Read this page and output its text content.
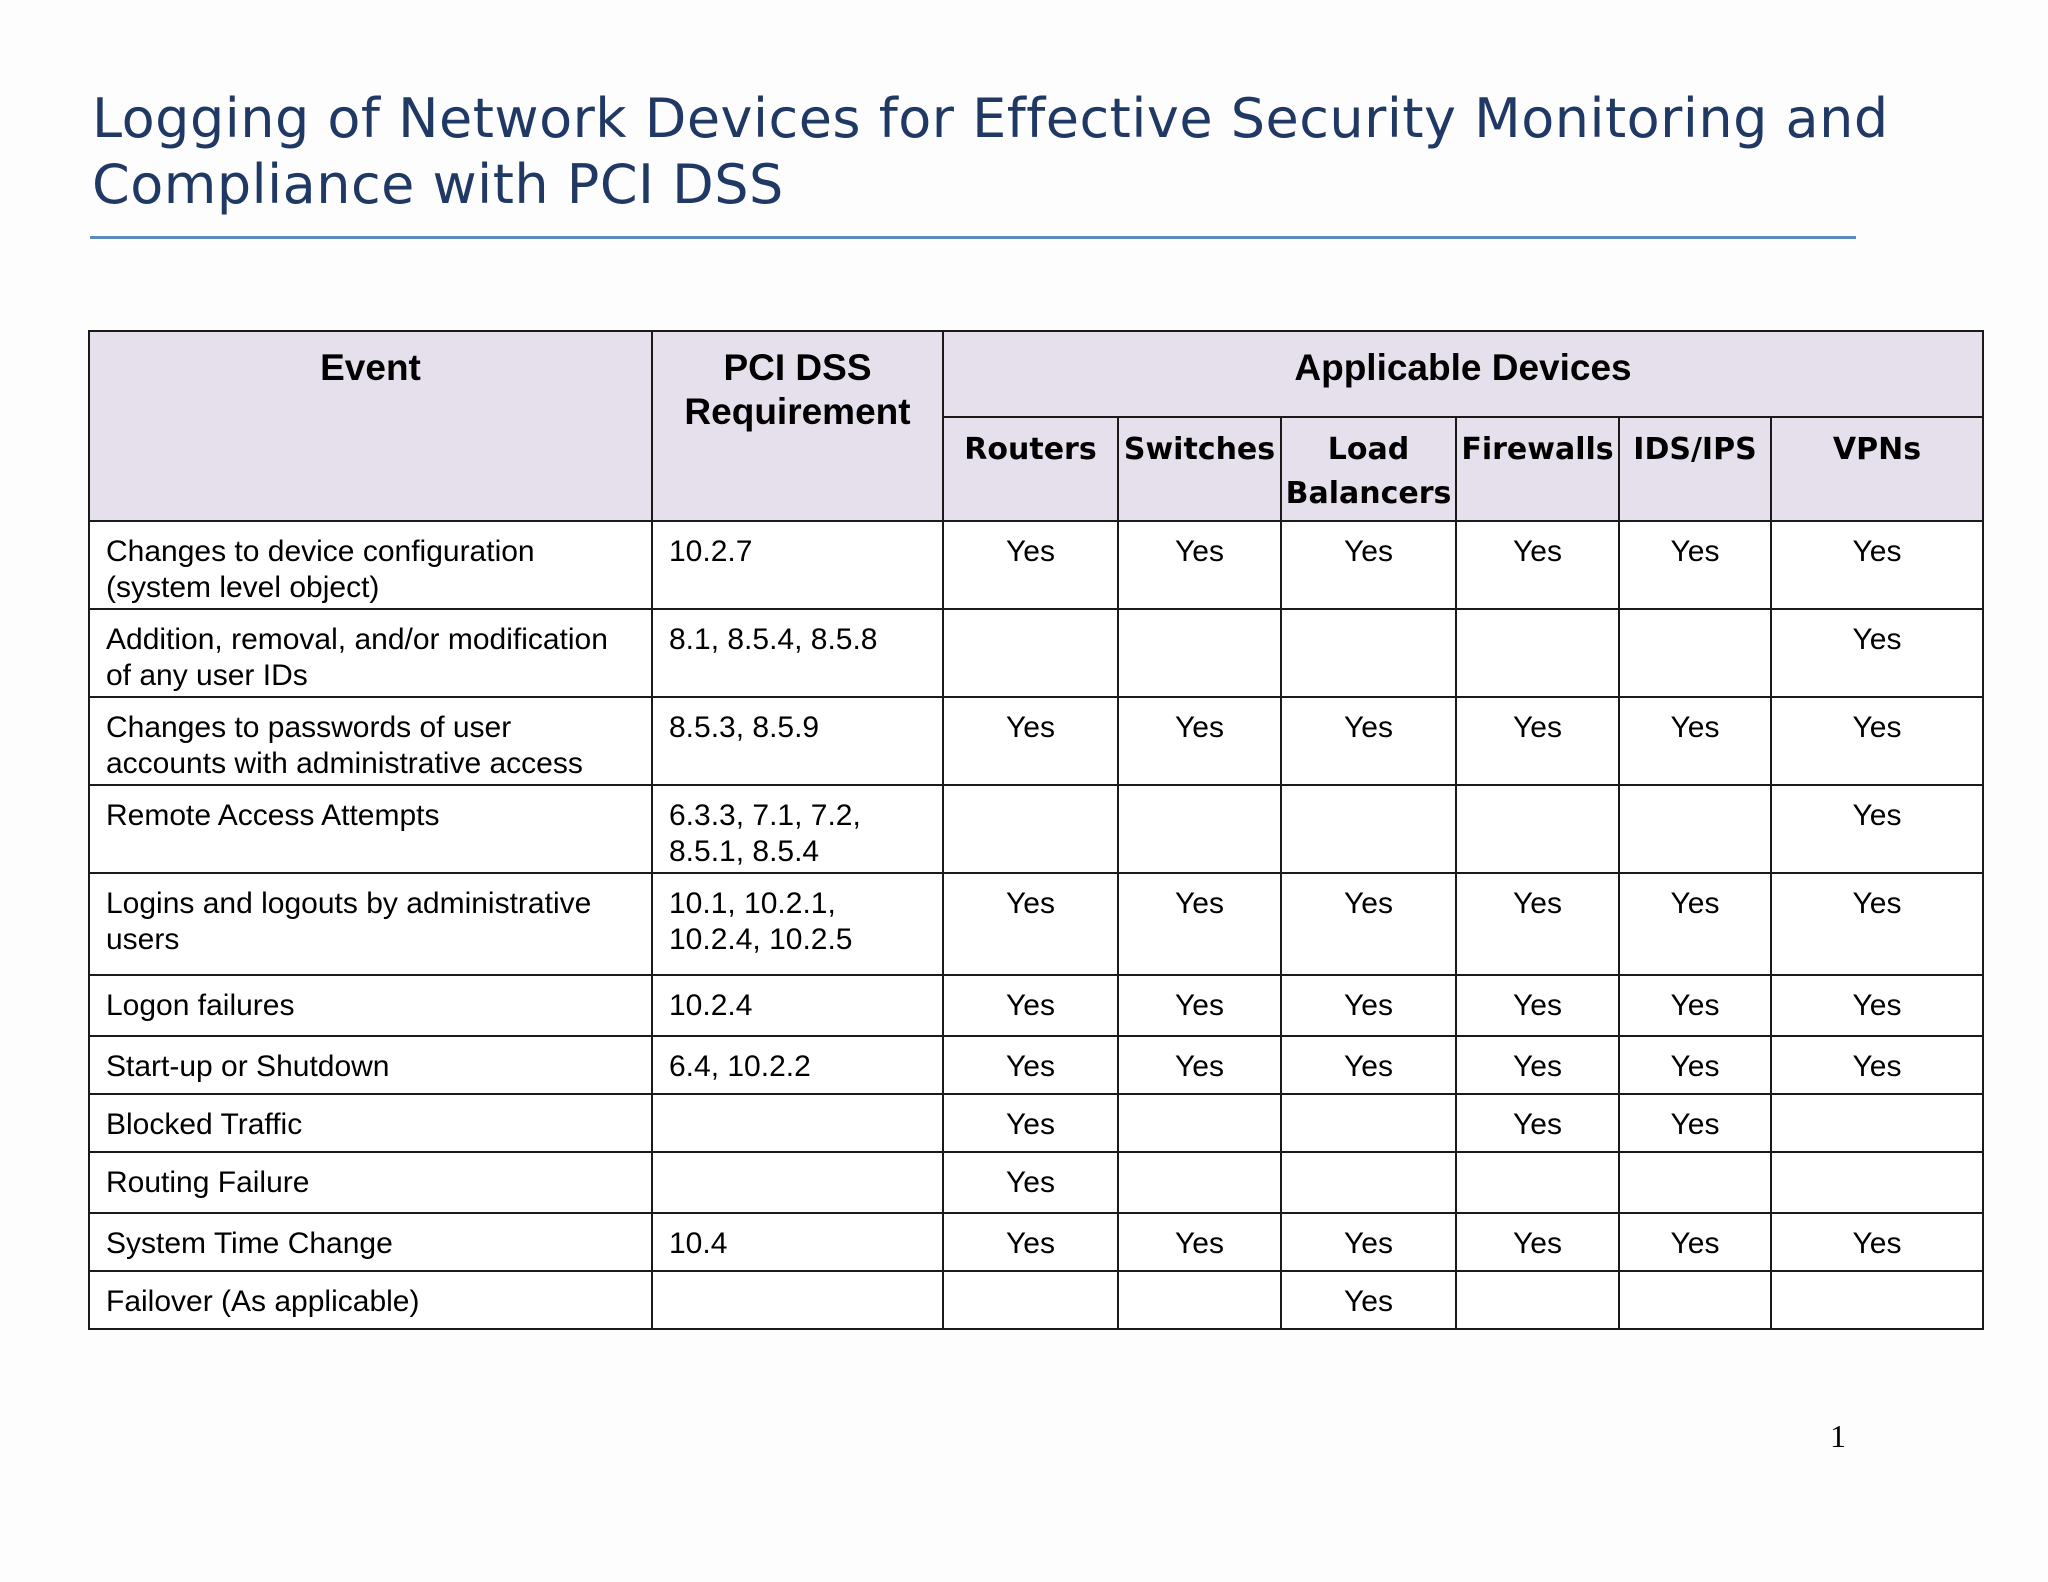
Logging of Network Devices for Effective Security Monitoring and Compliance with PCI DSS
Event	PCI DSS Requirement	Applicable Devices					
		Routers	Switches	Load Balancers	Firewalls	IDS/IPS	VPNs
Changes to device configuration (system level object)	10.2.7	Yes	Yes	Yes	Yes	Yes	Yes
Addition, removal, and/or modification of any user IDs	8.1, 8.5.4, 8.5.8						Yes
Changes to passwords of user accounts with administrative access	8.5.3, 8.5.9	Yes	Yes	Yes	Yes	Yes	Yes
Remote Access Attempts	6.3.3, 7.1, 7.2, 8.5.1, 8.5.4						Yes
Logins and logouts by administrative users	10.1, 10.2.1, 10.2.4, 10.2.5	Yes	Yes	Yes	Yes	Yes	Yes
Logon failures	10.2.4	Yes	Yes	Yes	Yes	Yes	Yes
Start-up or Shutdown	6.4, 10.2.2	Yes	Yes	Yes	Yes	Yes	Yes
Blocked Traffic		Yes			Yes	Yes	
Routing Failure		Yes					
System Time Change	10.4	Yes	Yes	Yes	Yes	Yes	Yes
Failover (As applicable)				Yes			
1
